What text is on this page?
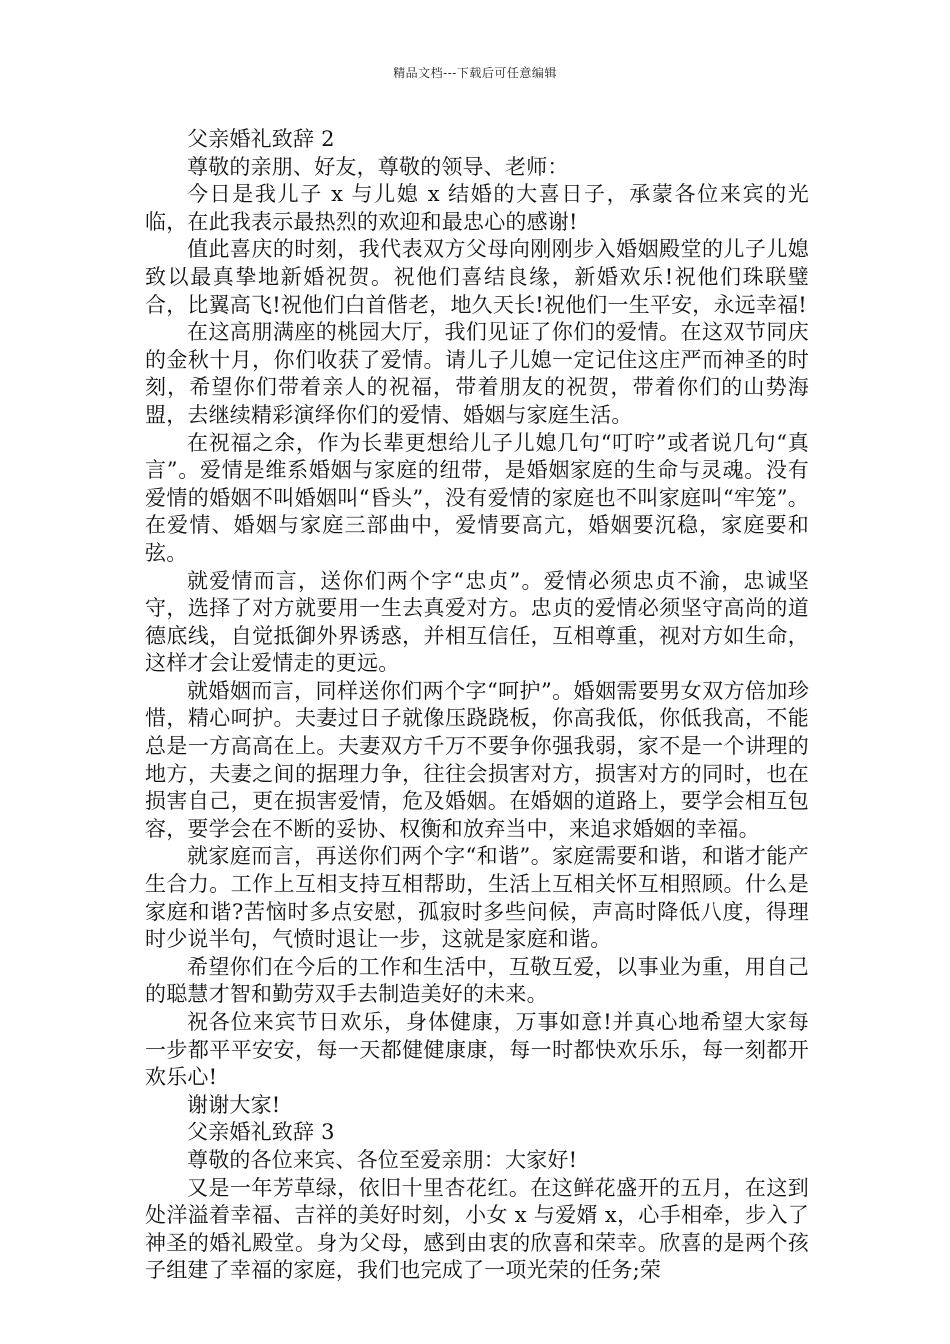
精品文档---下载后可任意编辑

父亲婚礼致辞 2

尊敬的亲朋、好友，尊敬的领导、老师：

今日是我儿子 x 与儿媳 x 结婚的大喜日子，承蒙各位来宾的光临，在此我表示最热烈的欢迎和最忠心的感谢!

值此喜庆的时刻，我代表双方父母向刚刚步入婚姻殿堂的儿子儿媳致以最真挚地新婚祝贺。祝他们喜结良缘，新婚欢乐!祝他们珠联璧合，比翼高飞!祝他们白首偕老，地久天长!祝他们一生平安，永远幸福!

在这高朋满座的桃园大厅，我们见证了你们的爱情。在这双节同庆的金秋十月，你们收获了爱情。请儿子儿媳一定记住这庄严而神圣的时刻，希望你们带着亲人的祝福，带着朋友的祝贺，带着你们的山势海盟，去继续精彩演绎你们的爱情、婚姻与家庭生活。

在祝福之余，作为长辈更想给儿子儿媳几句“叮咛”或者说几句“真言”。爱情是维系婚姻与家庭的纽带，是婚姻家庭的生命与灵魂。没有爱情的婚姻不叫婚姻叫“昏头”，没有爱情的家庭也不叫家庭叫“牢笼”。在爱情、婚姻与家庭三部曲中，爱情要高亢，婚姻要沉稳，家庭要和弦。

就爱情而言，送你们两个字“忠贞”。爱情必须忠贞不渝，忠诚坚守，选择了对方就要用一生去真爱对方。忠贞的爱情必须坚守高尚的道德底线，自觉抵御外界诱惑，并相互信任，互相尊重，视对方如生命，这样才会让爱情走的更远。

就婚姻而言，同样送你们两个字“呵护”。婚姻需要男女双方倍加珍惜，精心呵护。夫妻过日子就像压跷跷板，你高我低，你低我高，不能总是一方高高在上。夫妻双方千万不要争你强我弱，家不是一个讲理的地方，夫妻之间的据理力争，往往会损害对方，损害对方的同时，也在损害自己，更在损害爱情，危及婚姻。在婚姻的道路上，要学会相互包容，要学会在不断的妥协、权衡和放弃当中，来追求婚姻的幸福。

就家庭而言，再送你们两个字“和谐”。家庭需要和谐，和谐才能产生合力。工作上互相支持互相帮助，生活上互相关怀互相照顾。什么是家庭和谐?苦恼时多点安慰，孤寂时多些问候，声高时降低八度，得理时少说半句，气愤时退让一步，这就是家庭和谐。

希望你们在今后的工作和生活中，互敬互爱，以事业为重，用自己的聪慧才智和勤劳双手去制造美好的未来。

祝各位来宾节日欢乐，身体健康，万事如意!并真心地希望大家每一步都平平安安，每一天都健健康康，每一时都快欢乐乐，每一刻都开欢乐心!

谢谢大家!

父亲婚礼致辞 3

尊敬的各位来宾、各位至爱亲朋：大家好!

又是一年芳草绿，依旧十里杏花红。在这鲜花盛开的五月，在这到处洋溢着幸福、吉祥的美好时刻，小女 x 与爱婿 x，心手相牵，步入了神圣的婚礼殿堂。身为父母，感到由衷的欣喜和荣幸。欣喜的是两个孩子组建了幸福的家庭，我们也完成了一项光荣的任务;荣
